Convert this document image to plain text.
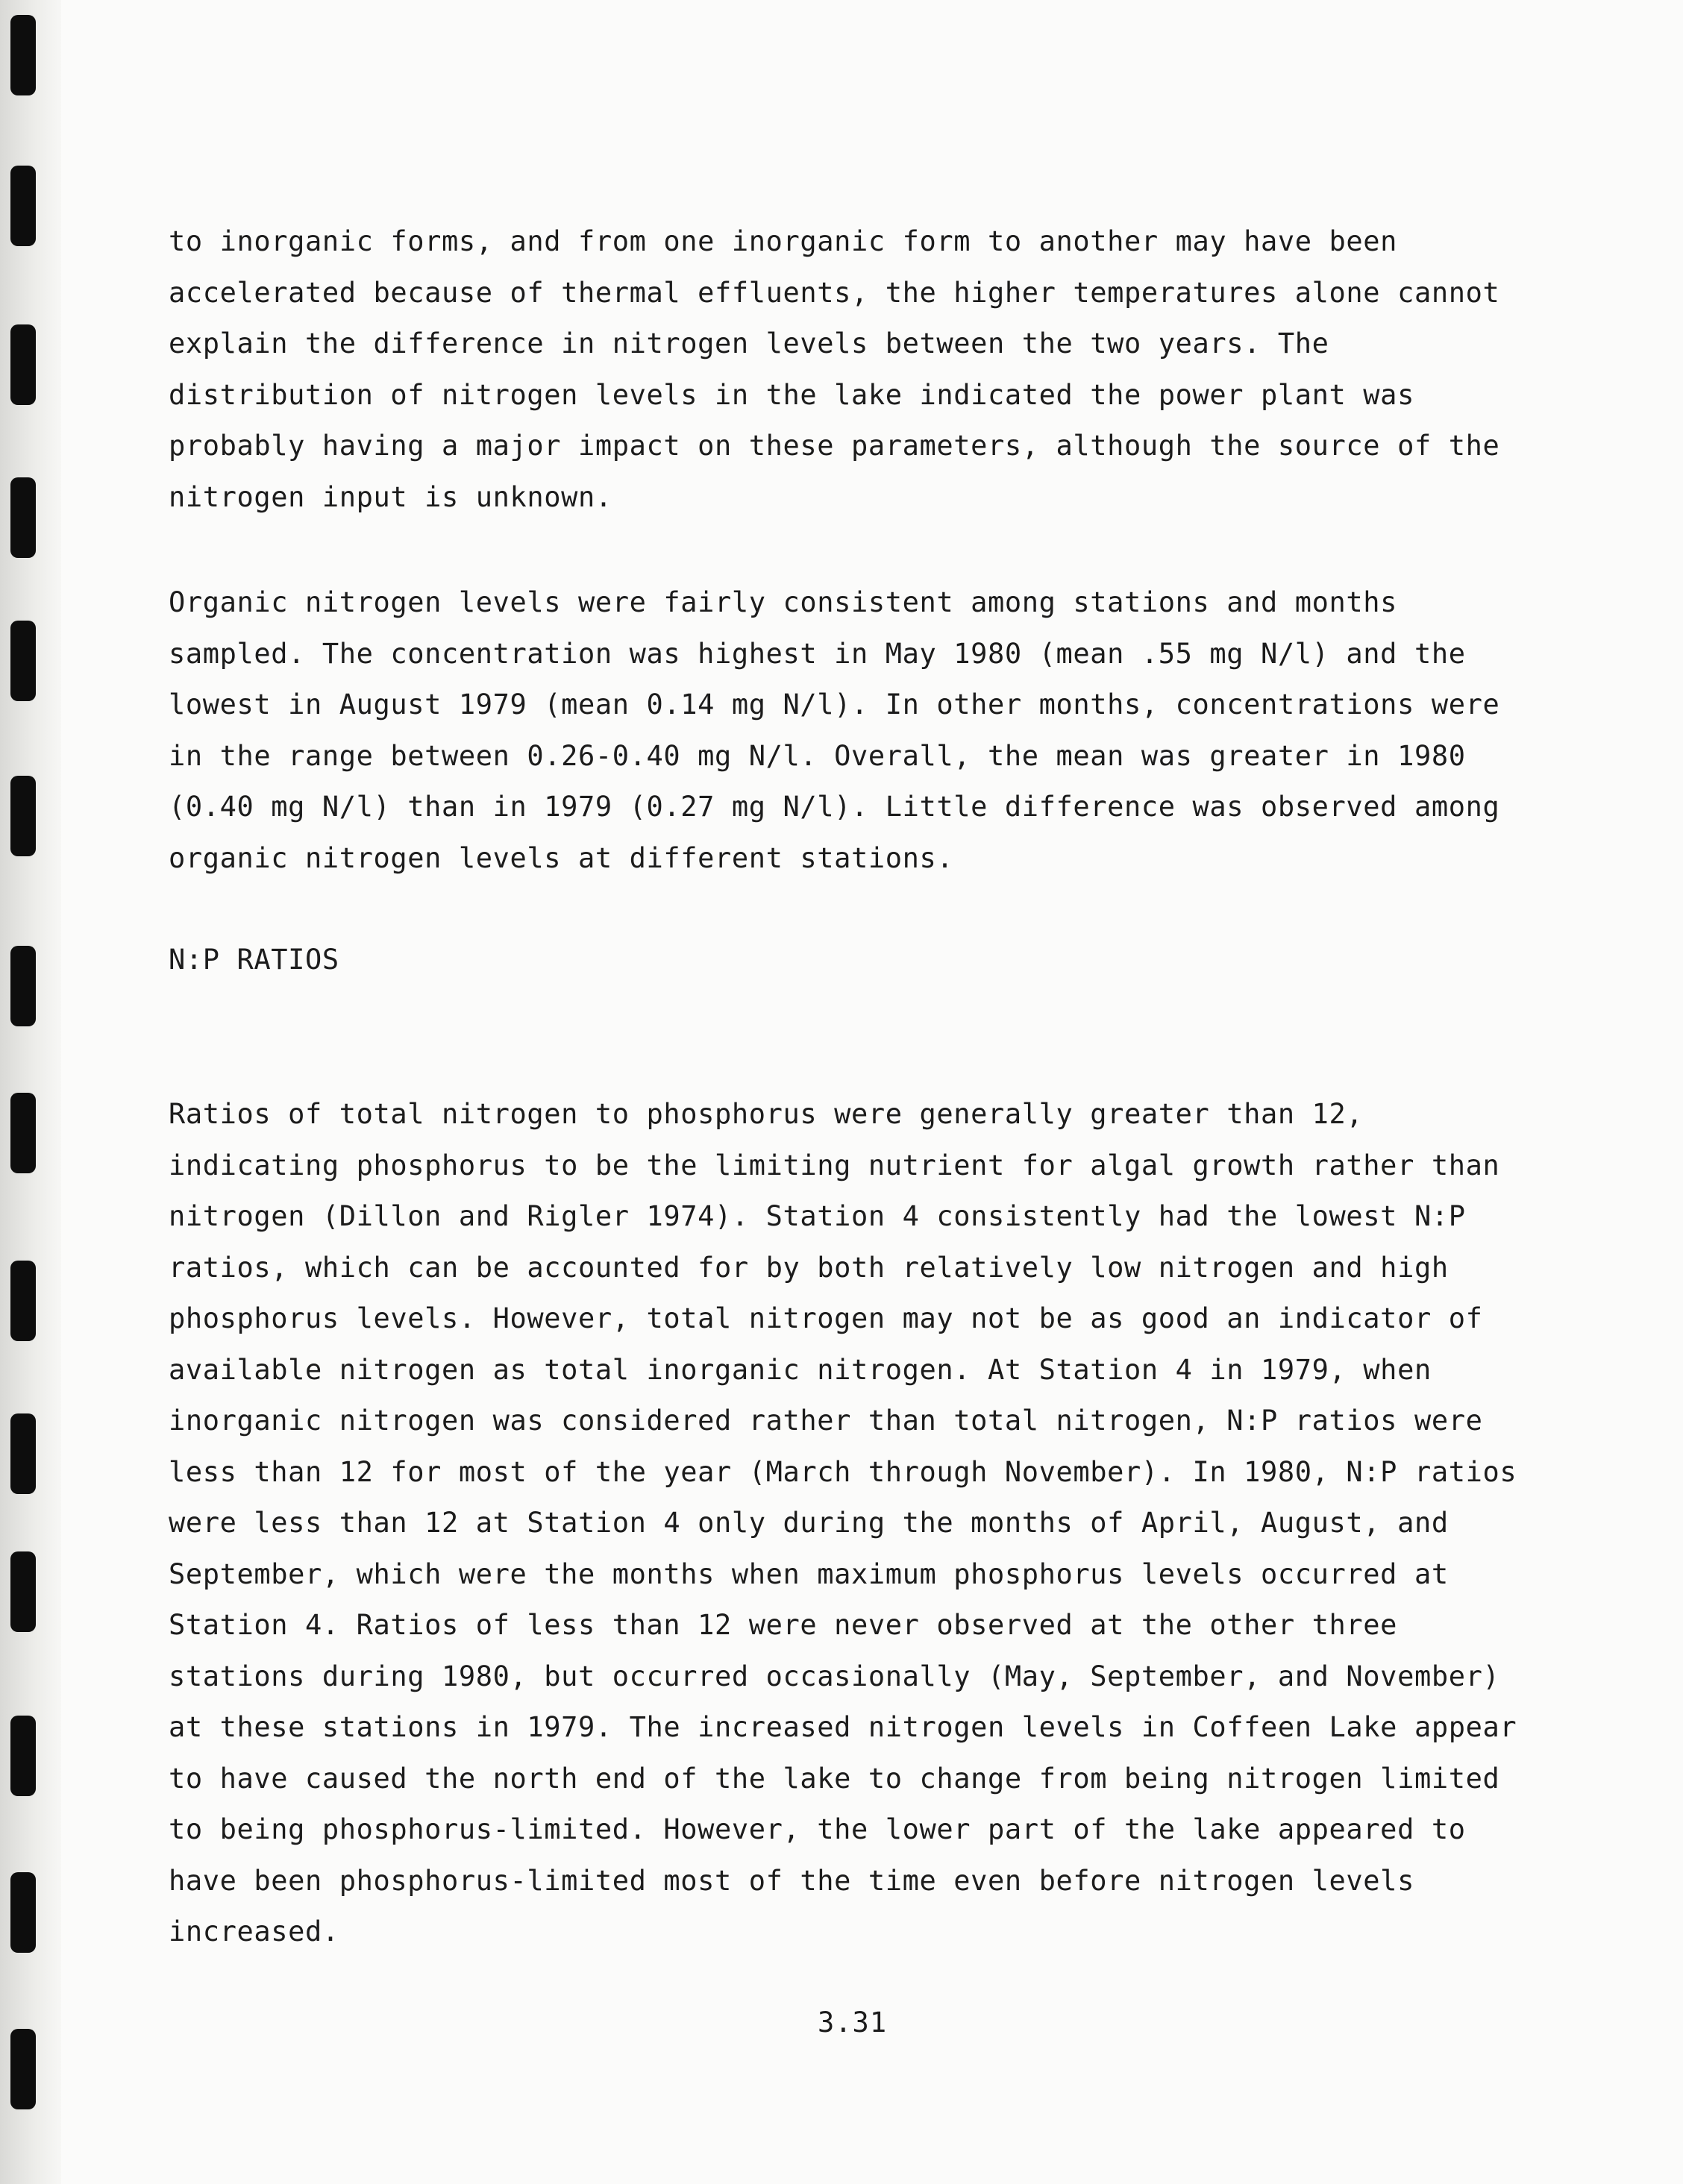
to inorganic forms, and from one inorganic form to another may have been
accelerated because of thermal effluents, the higher temperatures alone cannot
explain the difference in nitrogen levels between the two years. The
distribution of nitrogen levels in the lake indicated the power plant was
probably having a major impact on these parameters, although the source of the
nitrogen input is unknown.
Organic nitrogen levels were fairly consistent among stations and months
sampled. The concentration was highest in May 1980 (mean .55 mg N/l) and the
lowest in August 1979 (mean 0.14 mg N/l). In other months, concentrations were
in the range between 0.26-0.40 mg N/l. Overall, the mean was greater in 1980
(0.40 mg N/l) than in 1979 (0.27 mg N/l). Little difference was observed among
organic nitrogen levels at different stations.
N:P RATIOS
Ratios of total nitrogen to phosphorus were generally greater than 12,
indicating phosphorus to be the limiting nutrient for algal growth rather than
nitrogen (Dillon and Rigler 1974). Station 4 consistently had the lowest N:P
ratios, which can be accounted for by both relatively low nitrogen and high
phosphorus levels. However, total nitrogen may not be as good an indicator of
available nitrogen as total inorganic nitrogen. At Station 4 in 1979, when
inorganic nitrogen was considered rather than total nitrogen, N:P ratios were
less than 12 for most of the year (March through November). In 1980, N:P ratios
were less than 12 at Station 4 only during the months of April, August, and
September, which were the months when maximum phosphorus levels occurred at
Station 4. Ratios of less than 12 were never observed at the other three
stations during 1980, but occurred occasionally (May, September, and November)
at these stations in 1979. The increased nitrogen levels in Coffeen Lake appear
to have caused the north end of the lake to change from being nitrogen limited
to being phosphorus-limited. However, the lower part of the lake appeared to
have been phosphorus-limited most of the time even before nitrogen levels
increased.
3.31
